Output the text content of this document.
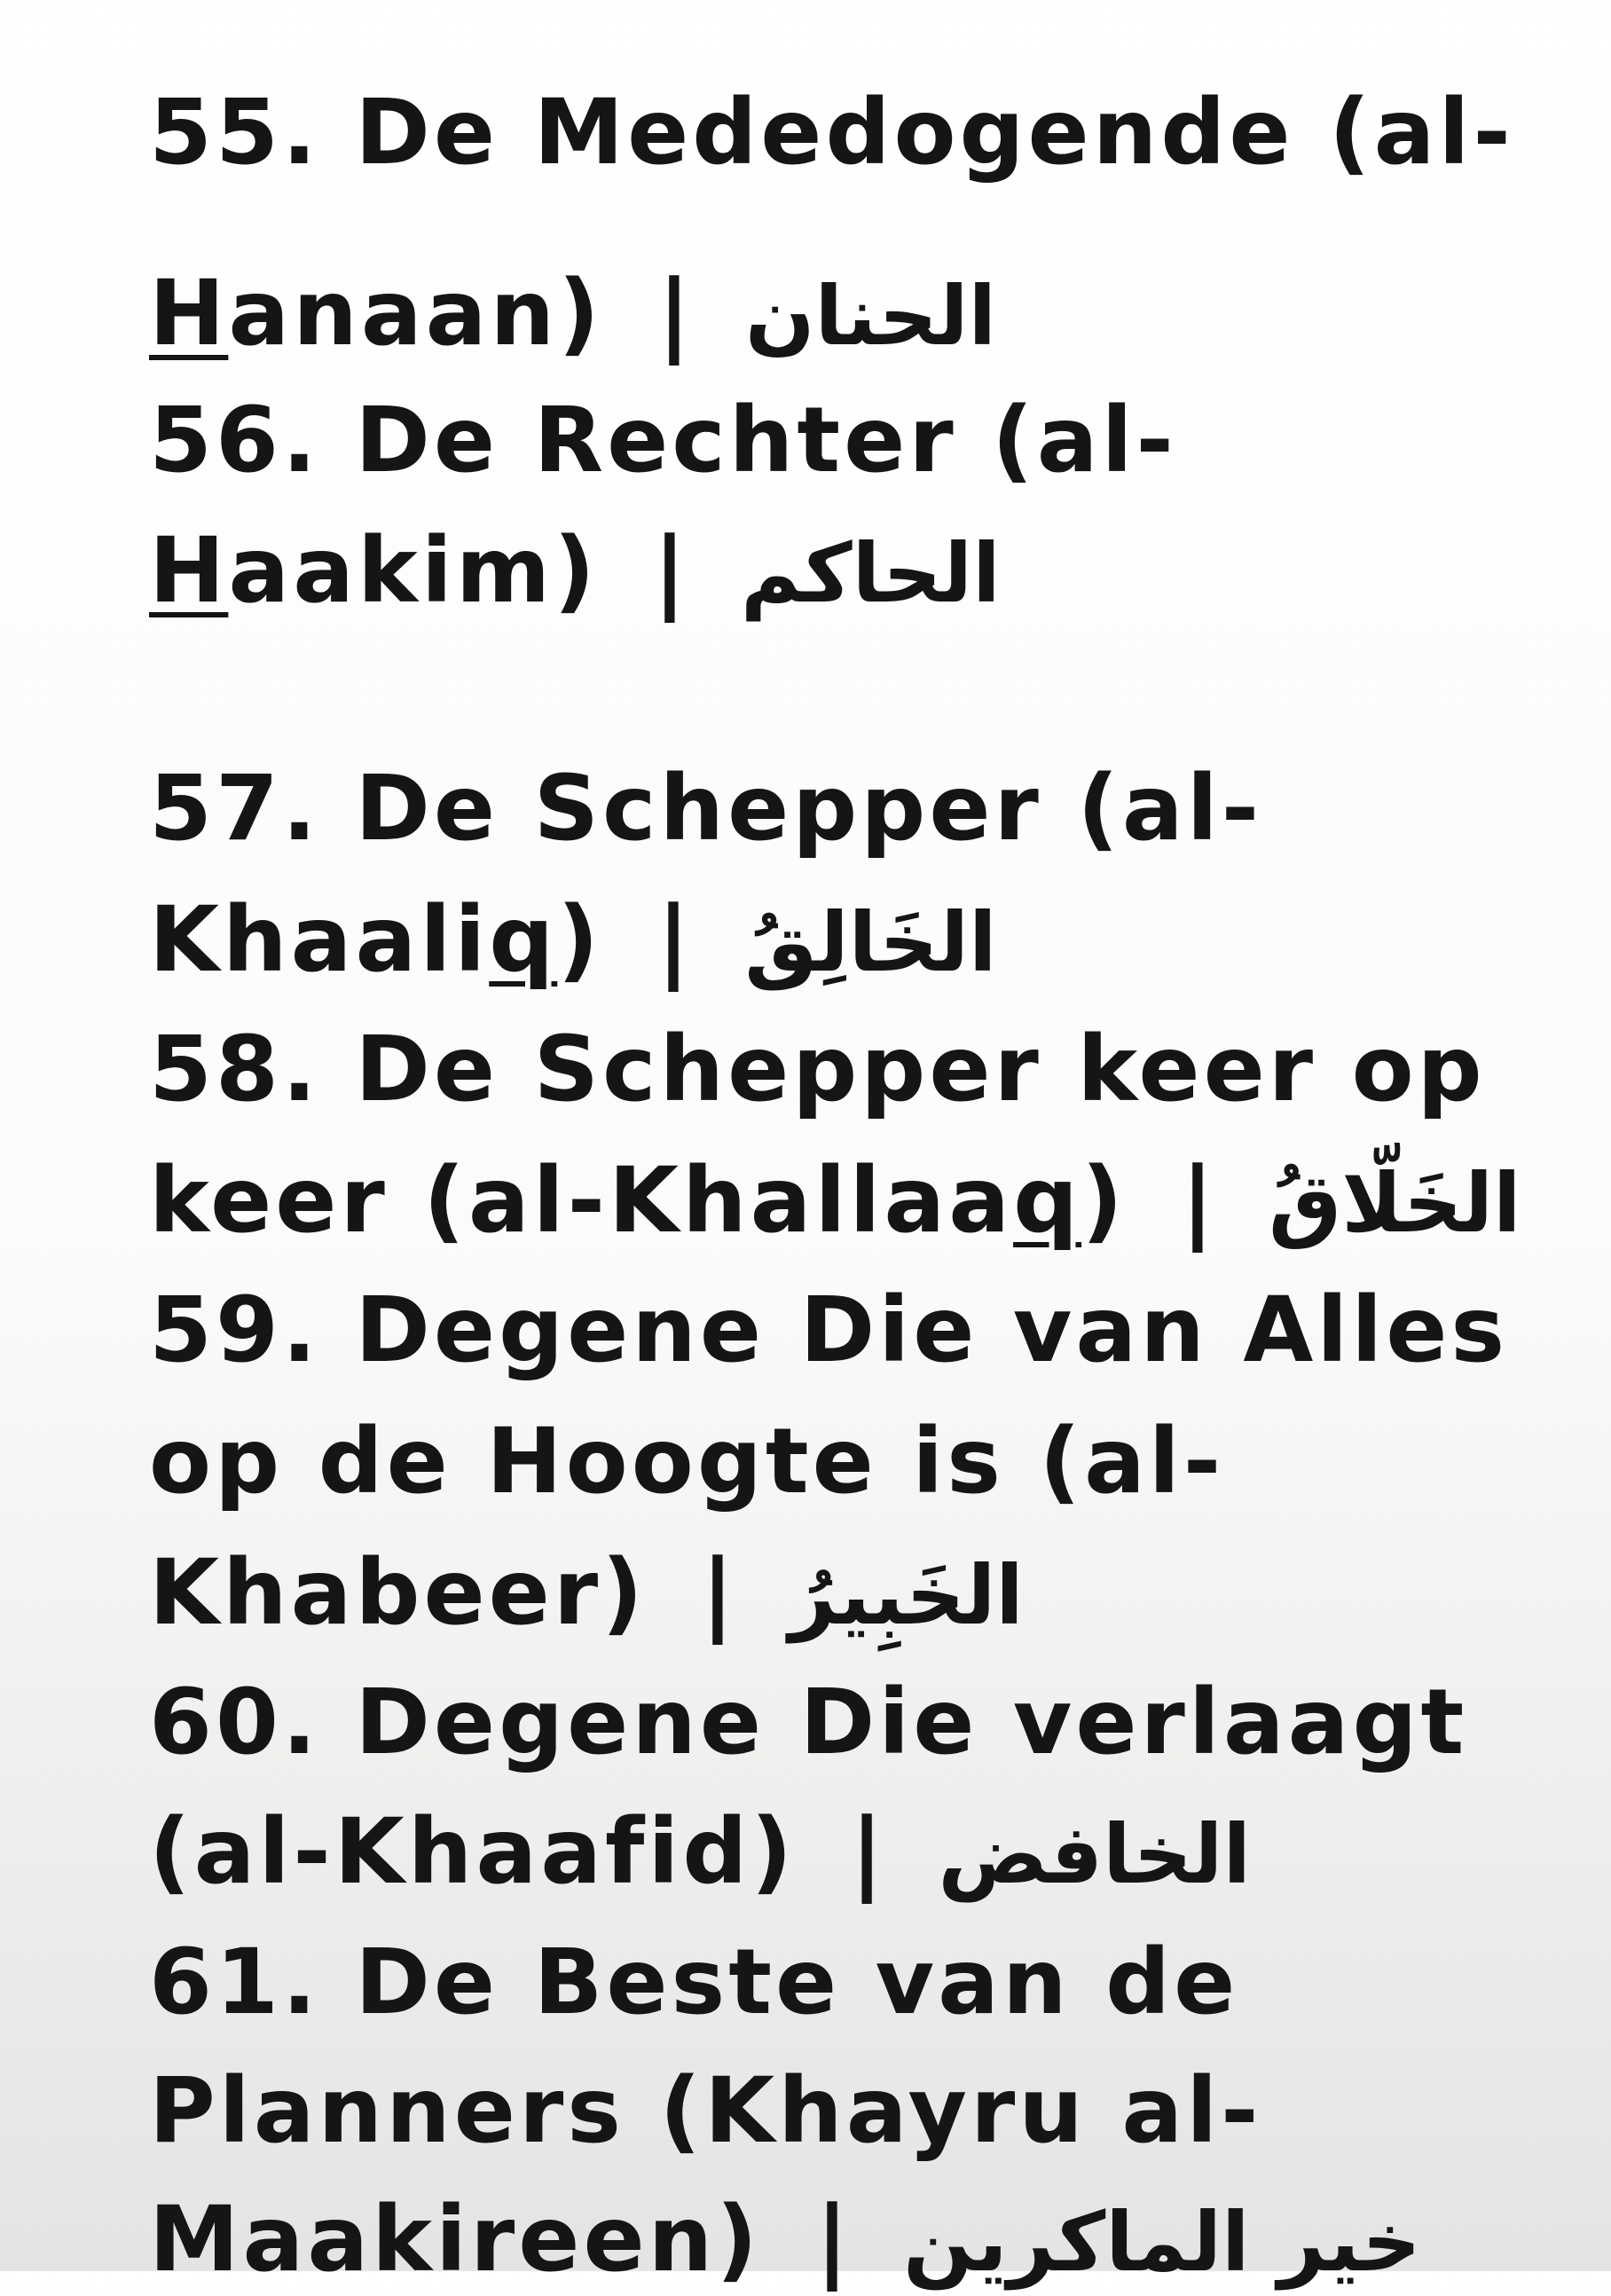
55. De Mededogende (al-
Hanaan) | الحنان
56. De Rechter (al-
Haakim) | الحاكم
57. De Schepper (al-
Khaaliq) | الخَالِقُ
58. De Schepper keer op
keer (al-Khallaaq) | الخَلّاقُ
59. Degene Die van Alles
op de Hoogte is (al-
Khabeer) | الخَبِيرُ
60. Degene Die verlaagt
(al-Khaafid) | الخافض
61. De Beste van de
Planners (Khayru al-
Maakireen) | خير الماكرين
